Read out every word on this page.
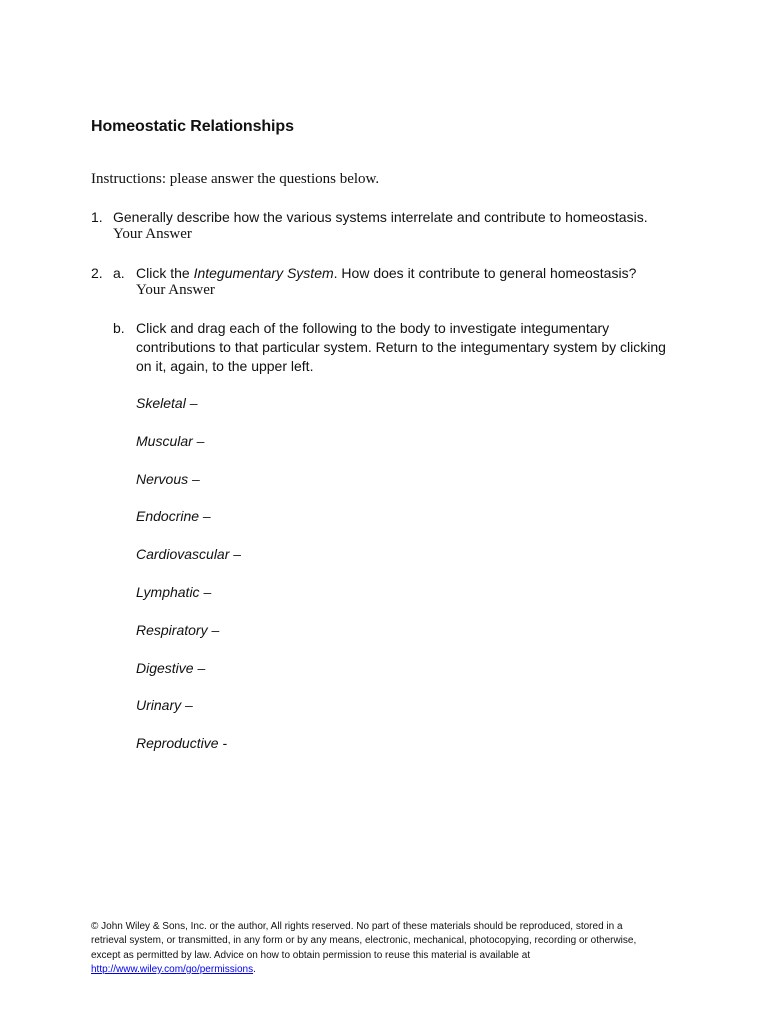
Homeostatic Relationships
Instructions: please answer the questions below.
1. Generally describe how the various systems interrelate and contribute to homeostasis.
Your Answer
2. a. Click the Integumentary System. How does it contribute to general homeostasis?
Your Answer
b. Click and drag each of the following to the body to investigate integumentary
contributions to that particular system. Return to the integumentary system by clicking
on it, again, to the upper left.
Skeletal –
Muscular –
Nervous –
Endocrine –
Cardiovascular –
Lymphatic –
Respiratory –
Digestive –
Urinary –
Reproductive -
© John Wiley & Sons, Inc. or the author, All rights reserved. No part of these materials should be reproduced, stored in a
retrieval system, or transmitted, in any form or by any means, electronic, mechanical, photocopying, recording or otherwise,
except as permitted by law. Advice on how to obtain permission to reuse this material is available at
http://www.wiley.com/go/permissions.
